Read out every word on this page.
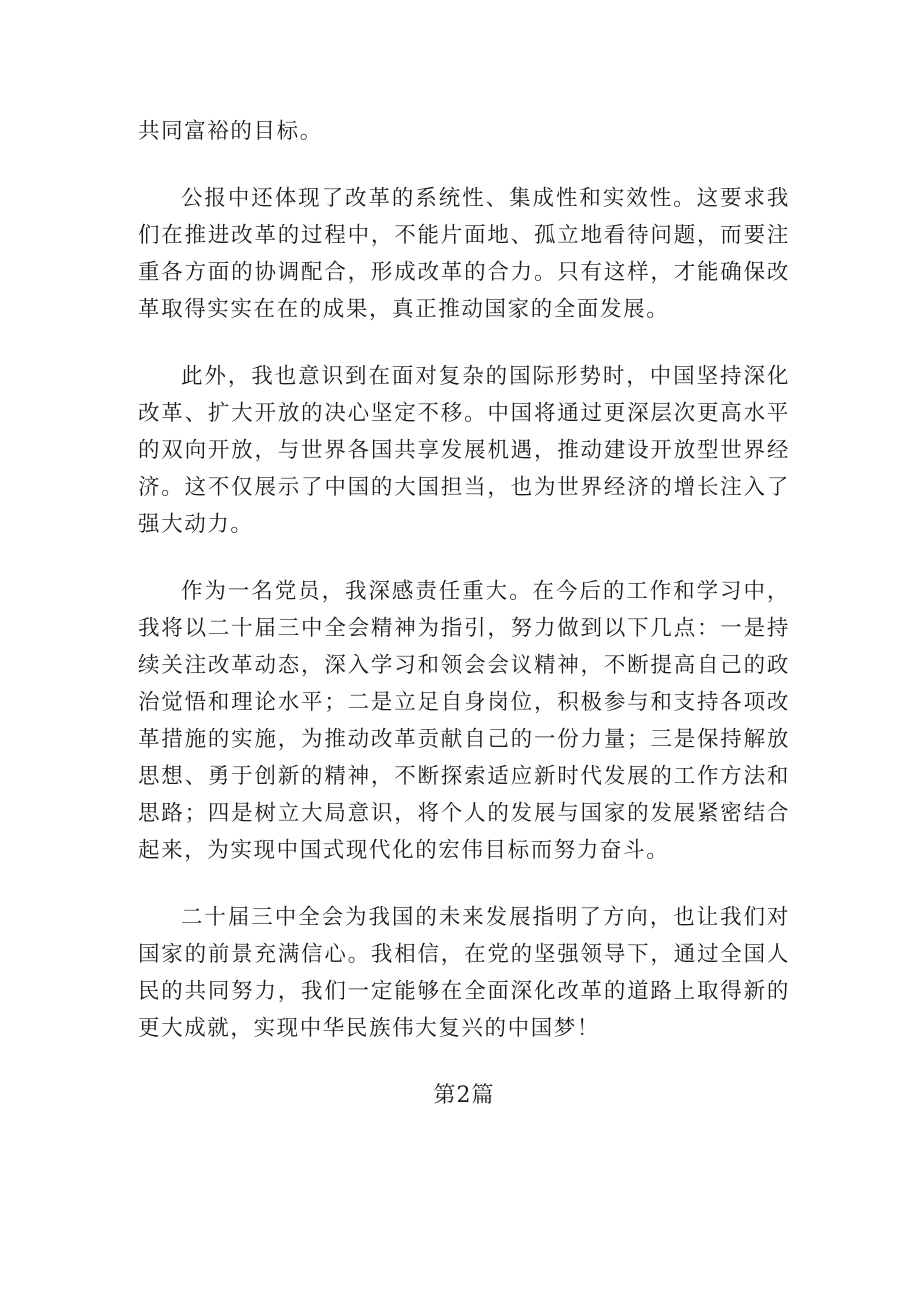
共同富裕的目标。

公报中还体现了改革的系统性、集成性和实效性。这要求我们在推进改革的过程中，不能片面地、孤立地看待问题，而要注重各方面的协调配合，形成改革的合力。只有这样，才能确保改革取得实实在在的成果，真正推动国家的全面发展。

此外，我也意识到在面对复杂的国际形势时，中国坚持深化改革、扩大开放的决心坚定不移。中国将通过更深层次更高水平的双向开放，与世界各国共享发展机遇，推动建设开放型世界经济。这不仅展示了中国的大国担当，也为世界经济的增长注入了强大动力。

作为一名党员，我深感责任重大。在今后的工作和学习中，我将以二十届三中全会精神为指引，努力做到以下几点：一是持续关注改革动态，深入学习和领会会议精神，不断提高自己的政治觉悟和理论水平；二是立足自身岗位，积极参与和支持各项改革措施的实施，为推动改革贡献自己的一份力量；三是保持解放思想、勇于创新的精神，不断探索适应新时代发展的工作方法和思路；四是树立大局意识，将个人的发展与国家的发展紧密结合起来，为实现中国式现代化的宏伟目标而努力奋斗。

二十届三中全会为我国的未来发展指明了方向，也让我们对国家的前景充满信心。我相信，在党的坚强领导下，通过全国人民的共同努力，我们一定能够在全面深化改革的道路上取得新的更大成就，实现中华民族伟大复兴的中国梦！

第2篇
